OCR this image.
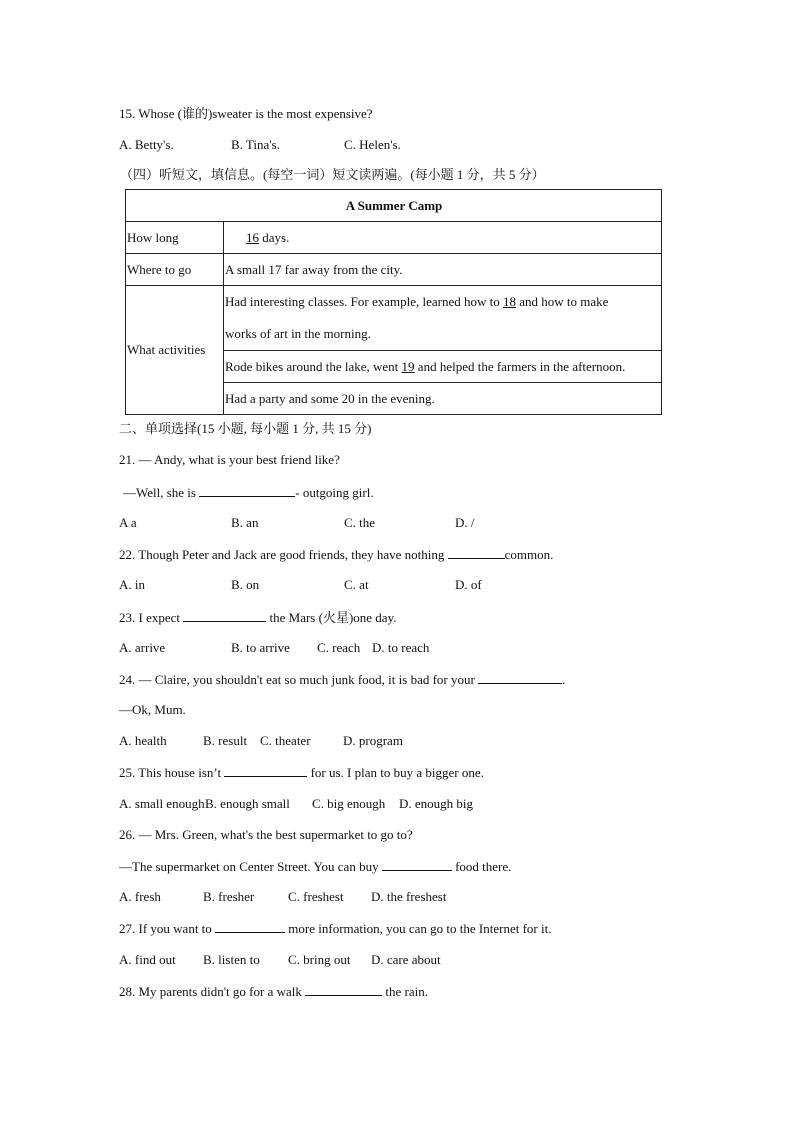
15. Whose (谁的)sweater is the most expensive?
A. Betty's.	B. Tina's.	C. Helen's.
（四）听短文，填信息。(每空一词）短文读两遍。(每小题 1 分，共 5 分）
A Summer Camp	
How long	16 days.
Where to go	A small 17 far away from the city.
What activities	Had interesting classes. For example, learned how to 18 and how to make
works of art in the morning.
	Rode bikes around the lake, went 19 and helped the farmers in the afternoon.
	Had a party and some 20 in the evening.
二、单项选择(15 小题, 每小题 1 分, 共 15 分)
21. — Andy, what is your best friend like?
—Well, she is	- outgoing girl.
A a	B. an	C. the	D. /
22. Though Peter and Jack are good friends, they have nothing	common.
A. in	B. on	C. at	D. of
23. I expect	the Mars (火星)one day.
A. arrive	B. to arrive C. reach D. to reach
24. — Claire, you shouldn't eat so much junk food, it is bad for your	.
—Ok, Mum.
A. health	B. result C. theater D. program
25. This house isn’t	for us. I plan to buy a bigger one.
A. small enoughB. enough small C. big enough D. enough big
26. — Mrs. Green, what's the best supermarket to go to?
—The supermarket on Center Street. You can buy	food there.
A. fresh	B. fresher	C. freshest D. the freshest
27. If you want to	more information, you can go to the Internet for it.
A. find out B. listen to C. bring out D. care about
28. My parents didn't go for a walk	the rain.
